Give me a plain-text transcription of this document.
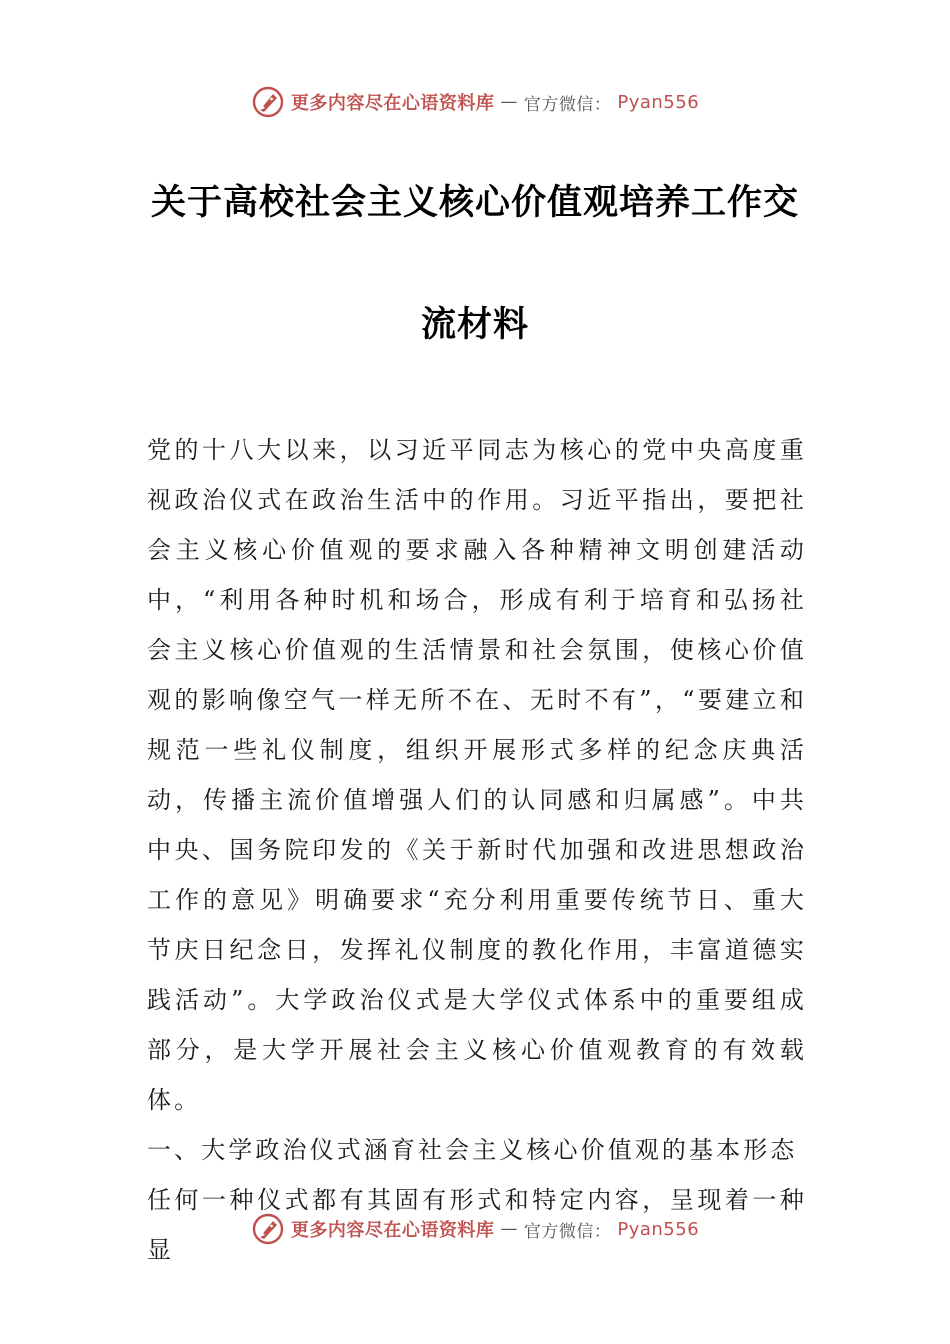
更多内容尽在心语资料库 — 官方微信： Pyan556
关于高校社会主义核心价值观培养工作交
流材料

党的十八大以来，以习近平同志为核心的党中央高度重视政治仪式在政治生活中的作用。习近平指出，要把社会主义核心价值观的要求融入各种精神文明创建活动中，“利用各种时机和场合，形成有利于培育和弘扬社会主义核心价值观的生活情景和社会氛围，使核心价值观的影响像空气一样无所不在、无时不有”，“要建立和规范一些礼仪制度，组织开展形式多样的纪念庆典活动，传播主流价值增强人们的认同感和归属感”。中共中央、国务院印发的《关于新时代加强和改进思想政治工作的意见》明确要求“充分利用重要传统节日、重大节庆日纪念日，发挥礼仪制度的教化作用，丰富道德实践活动”。大学政治仪式是大学仪式体系中的重要组成部分，是大学开展社会主义核心价值观教育的有效载体。

一、大学政治仪式涵育社会主义核心价值观的基本形态

任何一种仪式都有其固有形式和特定内容，呈现着一种显

更多内容尽在心语资料库 — 官方微信： Pyan556
